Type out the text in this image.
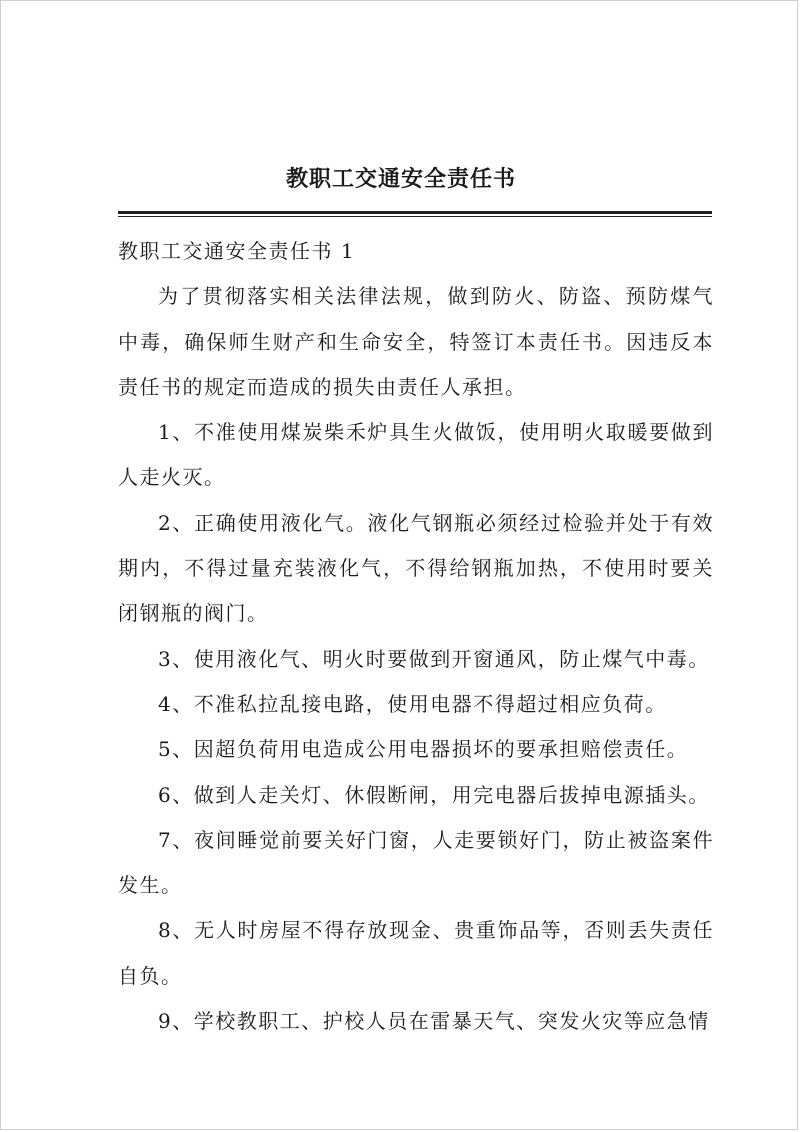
教职工交通安全责任书

教职工交通安全责任书 1

为了贯彻落实相关法律法规，做到防火、防盗、预防煤气中毒，确保师生财产和生命安全，特签订本责任书。因违反本责任书的规定而造成的损失由责任人承担。

1、不准使用煤炭柴禾炉具生火做饭，使用明火取暖要做到人走火灭。

2、正确使用液化气。液化气钢瓶必须经过检验并处于有效期内，不得过量充装液化气，不得给钢瓶加热，不使用时要关闭钢瓶的阀门。

3、使用液化气、明火时要做到开窗通风，防止煤气中毒。

4、不准私拉乱接电路，使用电器不得超过相应负荷。

5、因超负荷用电造成公用电器损坏的要承担赔偿责任。

6、做到人走关灯、休假断闸，用完电器后拔掉电源插头。

7、夜间睡觉前要关好门窗，人走要锁好门，防止被盗案件发生。

8、无人时房屋不得存放现金、贵重饰品等，否则丢失责任自负。

9、学校教职工、护校人员在雷暴天气、突发火灾等应急情
